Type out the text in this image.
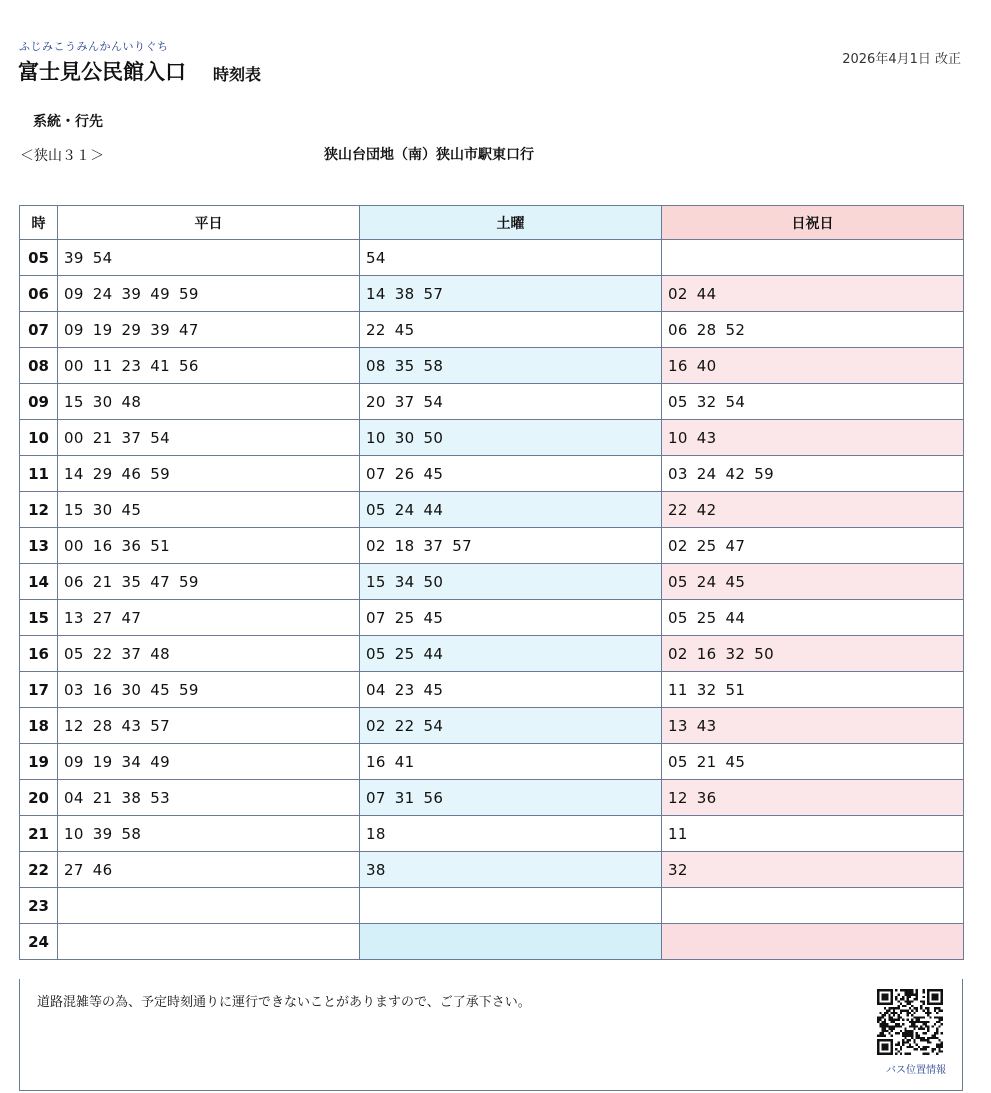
ふじみこうみんかんいりぐち
富士見公民館入口 時刻表
2026年4月1日 改正
系統・行先
＜狭山３１＞	狭山台団地（南）狭山市駅東口行
時	平日	土曜	日祝日
05	39 54	54	
06	09 24 39 49 59	14 38 57	02 44
07	09 19 29 39 47	22 45	06 28 52
08	00 11 23 41 56	08 35 58	16 40
09	15 30 48	20 37 54	05 32 54
10	00 21 37 54	10 30 50	10 43
11	14 29 46 59	07 26 45	03 24 42 59
12	15 30 45	05 24 44	22 42
13	00 16 36 51	02 18 37 57	02 25 47
14	06 21 35 47 59	15 34 50	05 24 45
15	13 27 47	07 25 45	05 25 44
16	05 22 37 48	05 25 44	02 16 32 50
17	03 16 30 45 59	04 23 45	11 32 51
18	12 28 43 57	02 22 54	13 43
19	09 19 34 49	16 41	05 21 45
20	04 21 38 53	07 31 56	12 36
21	10 39 58	18	11
22	27 46	38	32
23			
24			
道路混雑等の為、予定時刻通りに運行できないことがありますので、ご了承下さい。
バス位置情報
